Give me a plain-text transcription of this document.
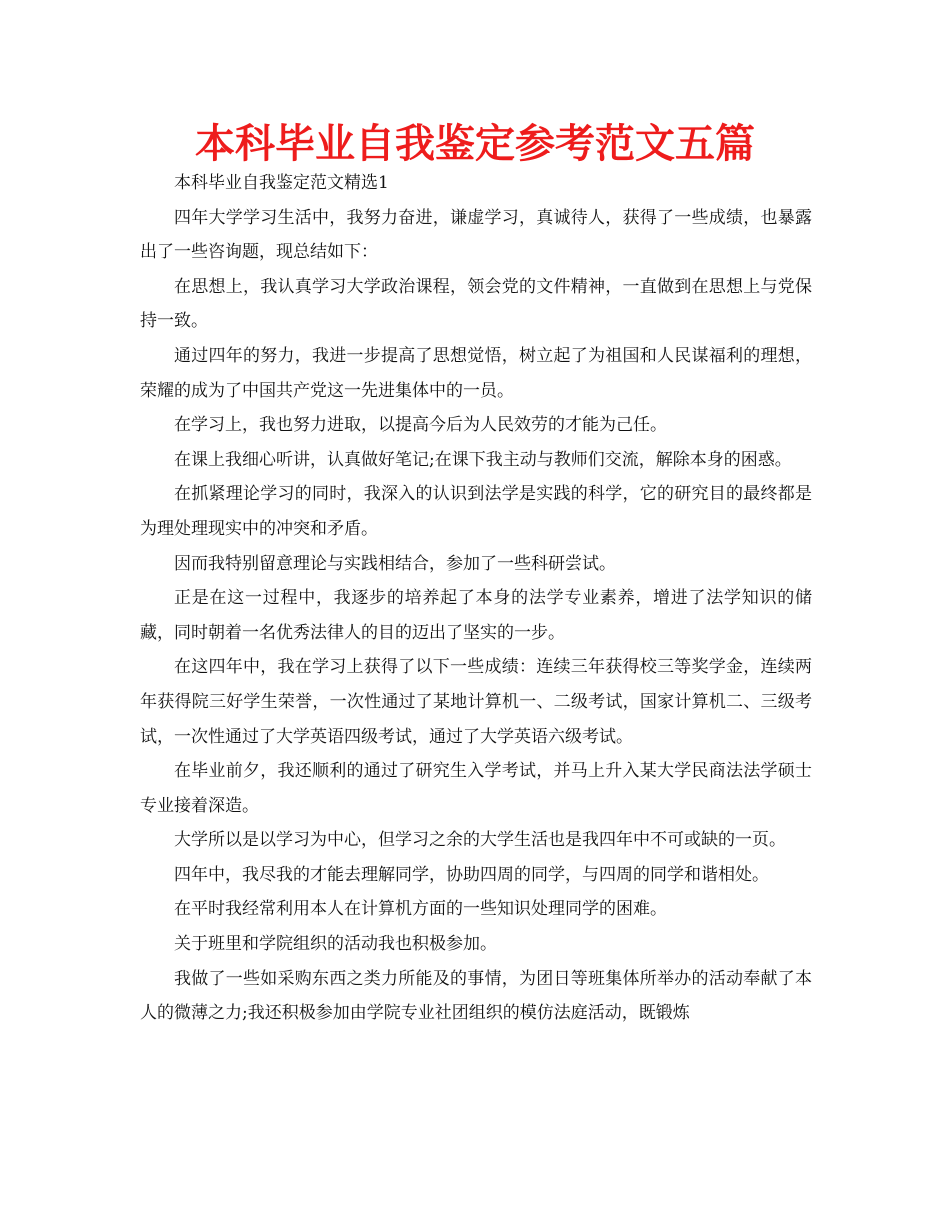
本科毕业自我鉴定参考范文五篇

本科毕业自我鉴定范文精选1

四年大学学习生活中，我努力奋进，谦虚学习，真诚待人，获得了一些成绩，也暴露出了一些咨询题，现总结如下：

在思想上，我认真学习大学政治课程，领会党的文件精神，一直做到在思想上与党保持一致。

通过四年的努力，我进一步提高了思想觉悟，树立起了为祖国和人民谋福利的理想，荣耀的成为了中国共产党这一先进集体中的一员。

在学习上，我也努力进取，以提高今后为人民效劳的才能为己任。

在课上我细心听讲，认真做好笔记;在课下我主动与教师们交流，解除本身的困惑。

在抓紧理论学习的同时，我深入的认识到法学是实践的科学，它的研究目的最终都是为理处理现实中的冲突和矛盾。

因而我特别留意理论与实践相结合，参加了一些科研尝试。

正是在这一过程中，我逐步的培养起了本身的法学专业素养，增进了法学知识的储藏，同时朝着一名优秀法律人的目的迈出了坚实的一步。

在这四年中，我在学习上获得了以下一些成绩：连续三年获得校三等奖学金，连续两年获得院三好学生荣誉，一次性通过了某地计算机一、二级考试，国家计算机二、三级考试，一次性通过了大学英语四级考试，通过了大学英语六级考试。

在毕业前夕，我还顺利的通过了研究生入学考试，并马上升入某大学民商法法学硕士专业接着深造。

大学所以是以学习为中心，但学习之余的大学生活也是我四年中不可或缺的一页。

四年中，我尽我的才能去理解同学，协助四周的同学，与四周的同学和谐相处。

在平时我经常利用本人在计算机方面的一些知识处理同学的困难。

关于班里和学院组织的活动我也积极参加。

我做了一些如采购东西之类力所能及的事情，为团日等班集体所举办的活动奉献了本人的微薄之力;我还积极参加由学院专业社团组织的模仿法庭活动，既锻炼
